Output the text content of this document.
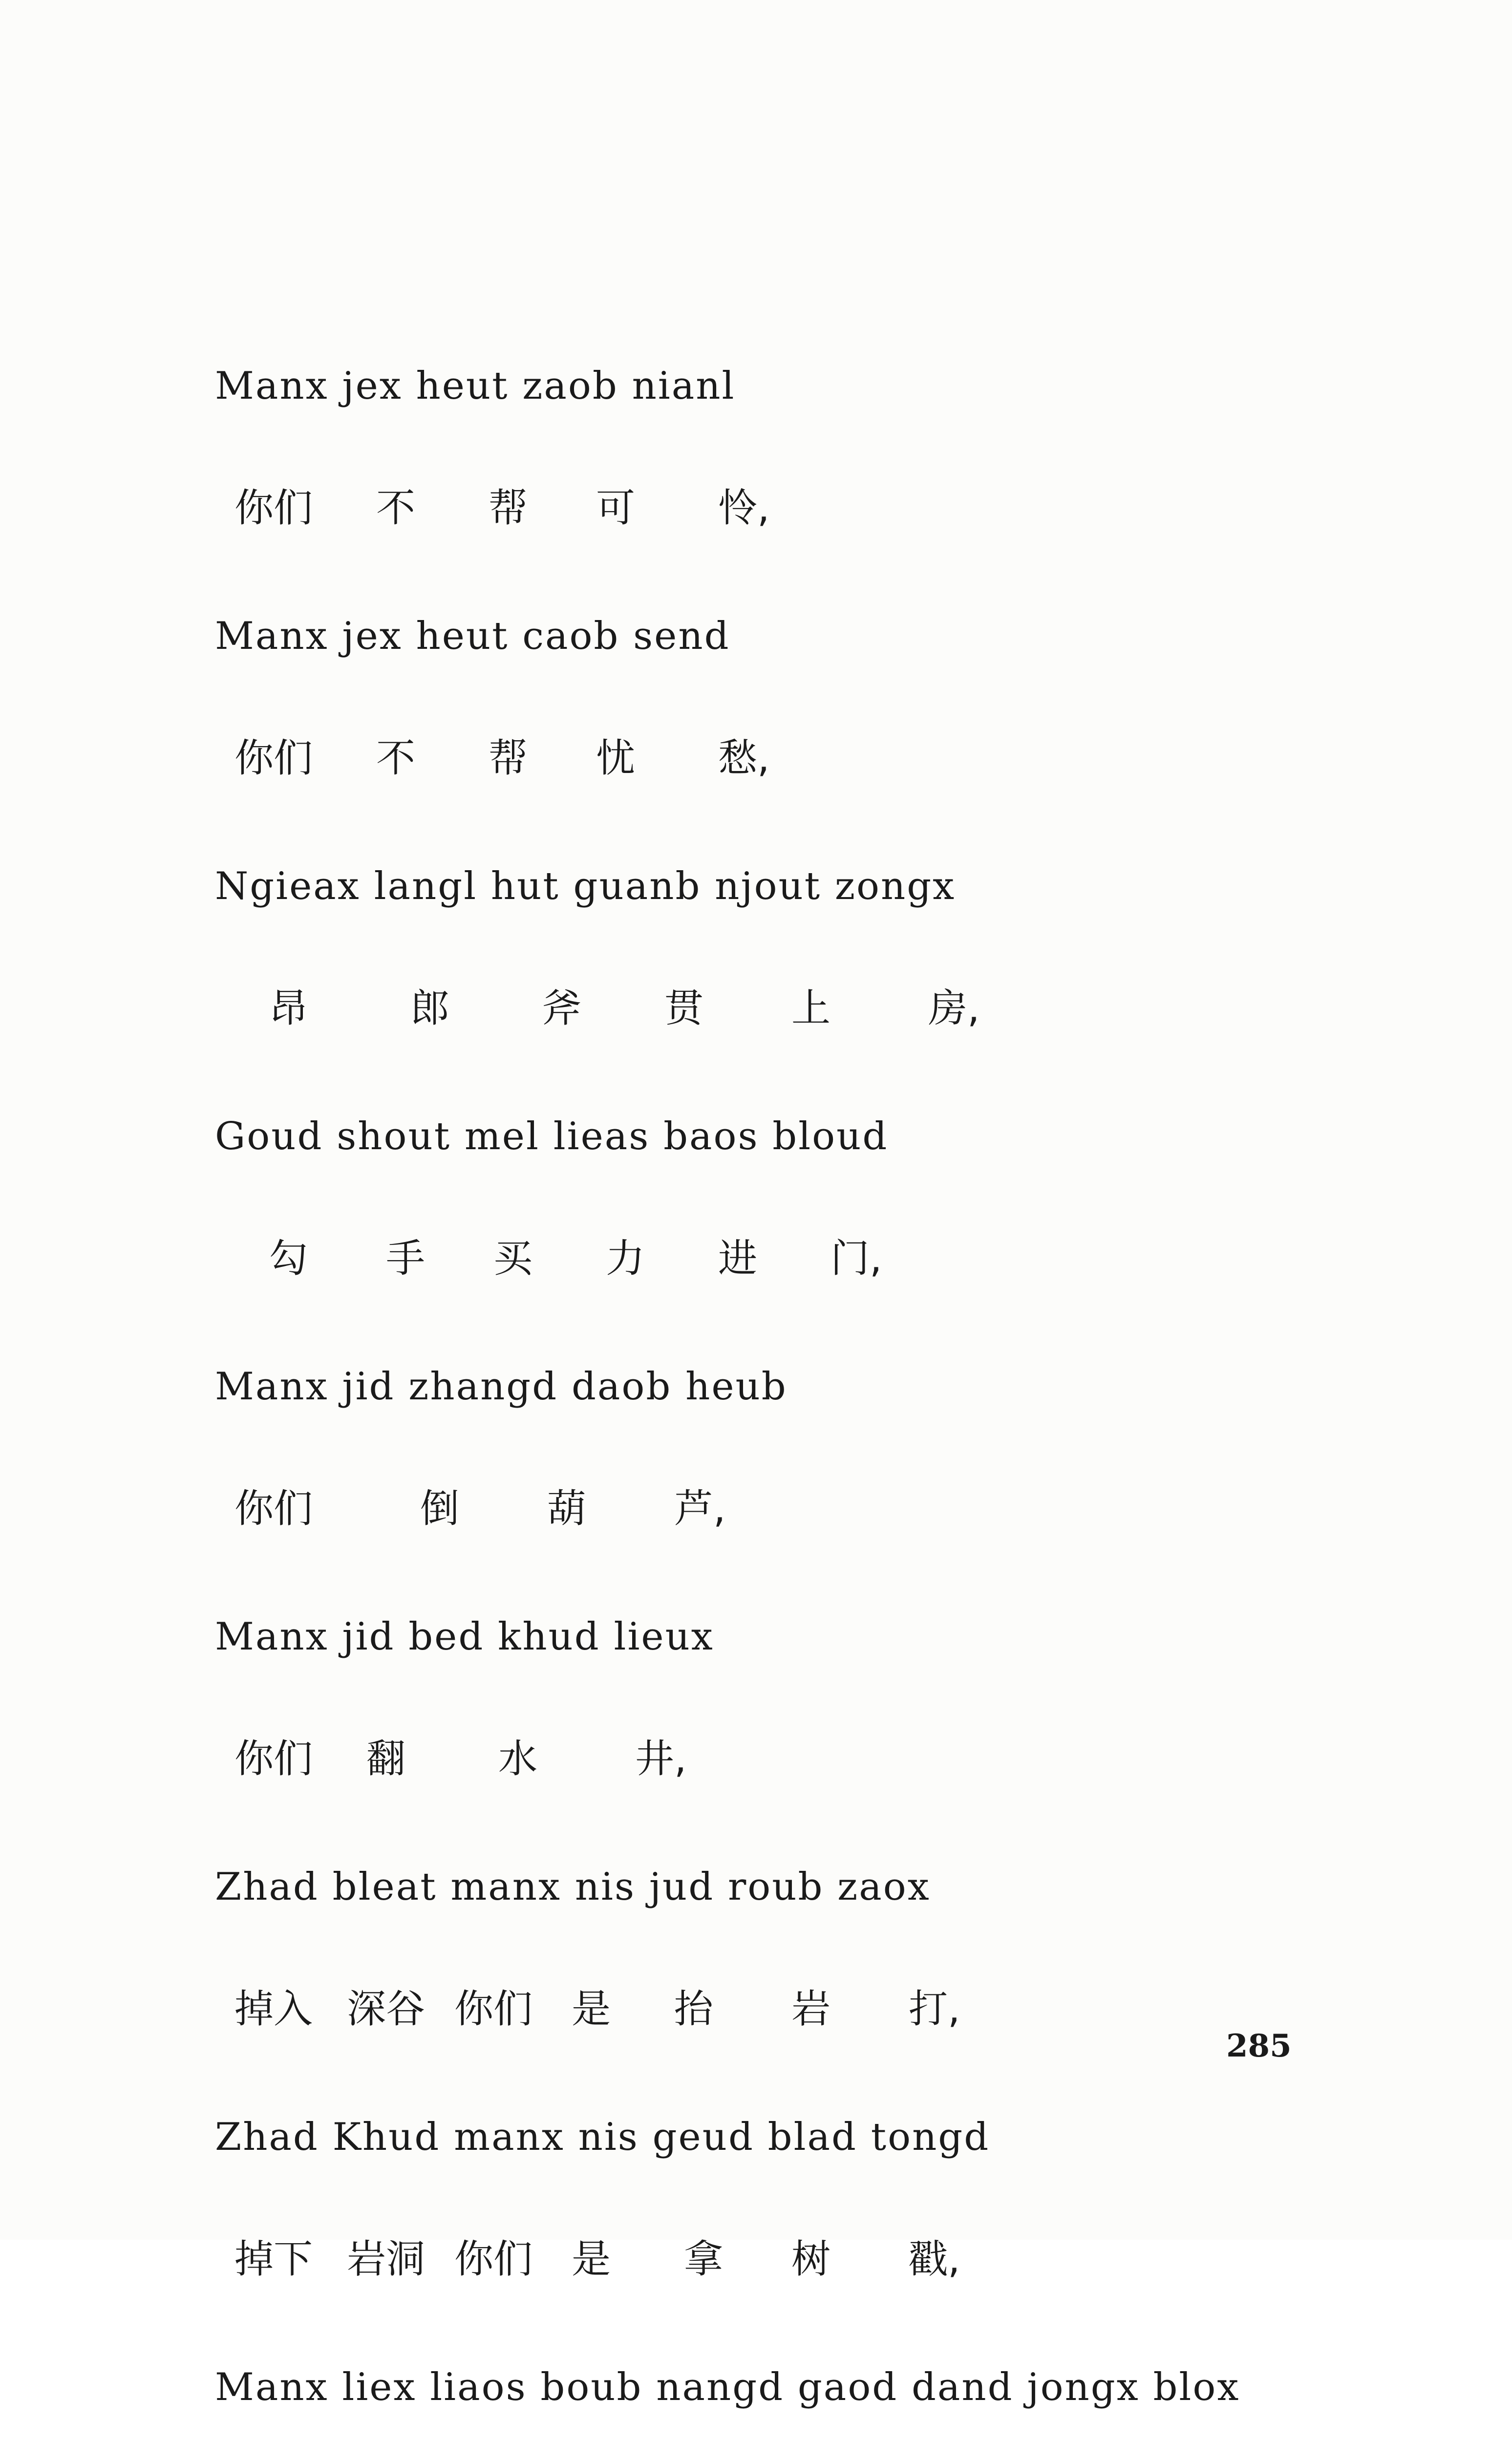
Manx jex heut zaob nianl
你们 不 帮 可 怜,
Manx jex heut caob send
你们 不 帮 忧 愁,
Ngieax langl hut guanb njout zongx
昂	郎 斧 贯 上	房,
Goud shout mel lieas baos bloud
勾 手 买 力 进 门,
Manx jid zhangd daob heub
你们	倒 葫 芦,
Manx jid bed khud lieux
你们 翻 水	井,
Zhad bleat manx nis jud roub zaox
掉入 深谷 你们 是 抬 岩 打,
Zhad Khud manx nis geud blad tongd
掉下 岩洞 你们 是 拿 树 戳,
Manx liex liaos boub nangd gaod dand jongx blox
285
